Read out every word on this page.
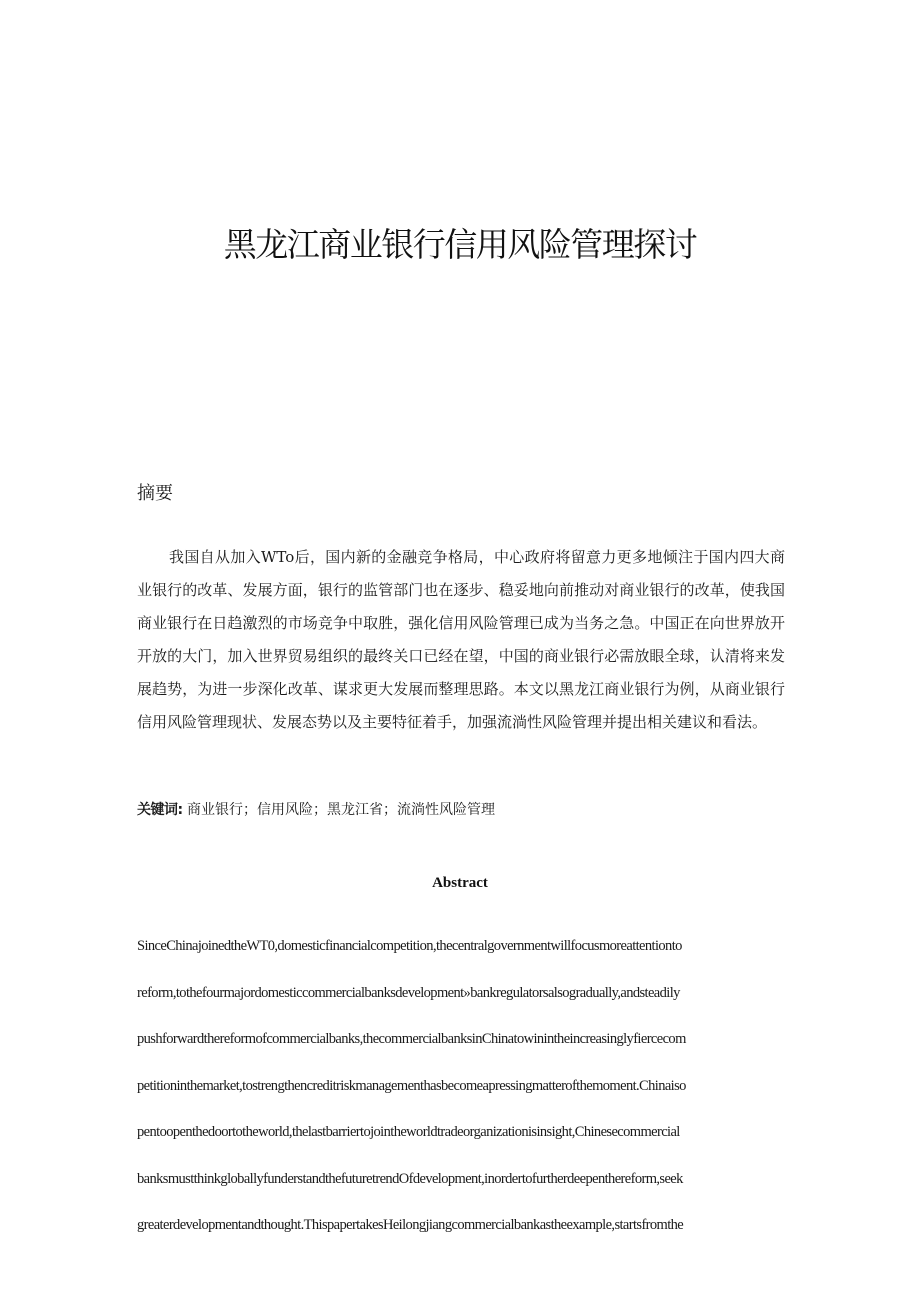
黑龙江商业银行信用风险管理探讨
摘要

我国自从加入WTo后，国内新的金融竞争格局，中心政府将留意力更多地倾注于国内四大商业银行的改革、发展方面，银行的监管部门也在逐步、稳妥地向前推动对商业银行的改革，使我国商业银行在日趋激烈的市场竞争中取胜，强化信用风险管理已成为当务之急。中国正在向世界放开开放的大门，加入世界贸易组织的最终关口已经在望，中国的商业银行必需放眼全球，认清将来发展趋势，为进一步深化改革、谋求更大发展而整理思路。本文以黑龙江商业银行为例，从商业银行信用风险管理现状、发展态势以及主要特征着手，加强流淌性风险管理并提出相关建议和看法。

关键词: 商业银行；信用风险；黑龙江省；流淌性风险管理

Abstract
SinceChinajoinedtheWT0,domesticfinancialcompetition,thecentralgovernmentwillfocusmoreattentionto
reform,tothefourmajordomesticcommercialbanksdevelopment»bankregulatorsalsogradually,andsteadily
pushforwardthereformofcommercialbanks,thecommercialbanksinChinatowinintheincreasinglyfiercecom
petitioninthemarket,tostrengthencreditriskmanagementhasbecomeapressingmatterofthemoment.Chinaiso
pentoopenthedoortotheworld,thelastbarriertojointheworldtradeorganizationisinsight,Chinesecommercial
banksmustthinkgloballyfunderstandthefuturetrendOfdevelopment,inordertofurtherdeepenthereform,seek
greaterdevelopmentandthought.ThispapertakesHeilongjiangcommercialbankastheexample,startsfromthe
